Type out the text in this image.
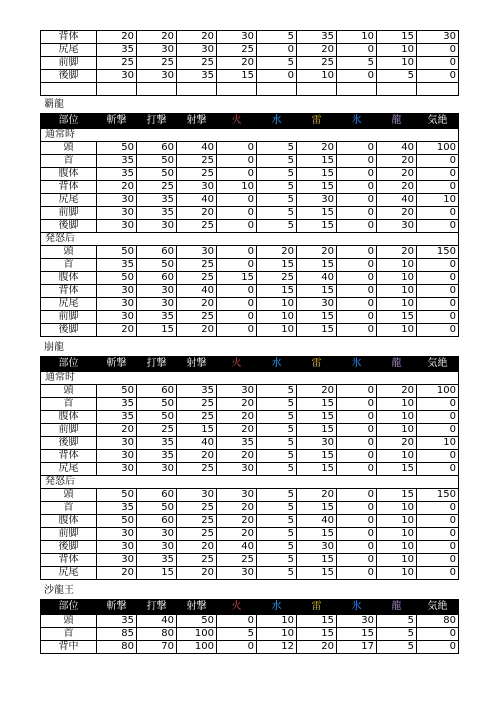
背体	20	20	20	30	5	35	10	15	30
尻尾	35	30	30	25	0	20	0	10	0
前脚	25	25	25	20	5	25	5	10	0
後脚	30	30	35	15	0	10	0	5	0

覇龍
部位	斬撃	打撃	射撃	火	水	雷	氷	龍	気絶
通常時									
頭	50	60	40	0	5	20	0	40	100
首	35	50	25	0	5	15	0	20	0
腹体	35	50	25	0	5	15	0	20	0
背体	20	25	30	10	5	15	0	20	0
尻尾	30	35	40	0	5	30	0	40	10
前脚	30	35	20	0	5	15	0	20	0
後脚	30	30	25	0	5	15	0	30	0
発怒后									
頭	50	60	30	0	20	20	0	20	150
首	35	50	25	0	15	15	0	10	0
腹体	50	60	25	15	25	40	0	10	0
背体	30	30	40	0	15	15	0	10	0
尻尾	30	30	20	0	10	30	0	10	0
前脚	30	35	25	0	10	15	0	15	0
後脚	20	15	20	0	10	15	0	10	0
崩龍
部位	斬撃	打撃	射撃	火	水	雷	氷	龍	気絶
通常时									
頭	50	60	35	30	5	20	0	20	100
首	35	50	25	20	5	15	0	10	0
腹体	35	50	25	20	5	15	0	10	0
前脚	20	25	15	20	5	15	0	10	0
後脚	30	35	40	35	5	30	0	20	10
背体	30	35	20	20	5	15	0	10	0
尻尾	30	30	25	30	5	15	0	15	0
発怒后									
頭	50	60	30	30	5	20	0	15	150
首	35	50	25	20	5	15	0	10	0
腹体	50	60	25	20	5	40	0	10	0
前脚	30	30	25	20	5	15	0	10	0
後脚	30	30	20	40	5	30	0	10	0
背体	30	35	25	25	5	15	0	10	0
尻尾	20	15	20	30	5	15	0	10	0
沙龍王
部位	斬撃	打撃	射撃	火	水	雷	氷	龍	気絶
頭	35	40	50	0	10	15	30	5	80
首	85	80	100	5	10	15	15	5	0
背中	80	70	100	0	12	20	17	5	0
